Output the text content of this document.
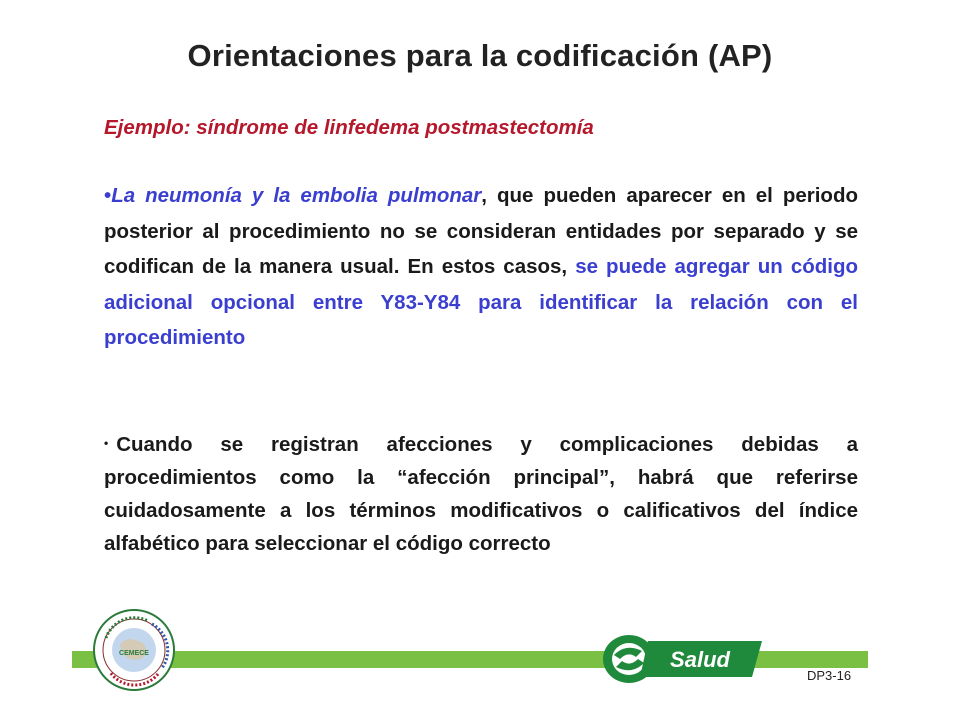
Orientaciones para la codificación (AP)
Ejemplo: síndrome de linfedema postmastectomía
•La neumonía y la embolia pulmonar, que pueden aparecer en el periodo posterior al procedimiento no se consideran entidades por separado y se codifican de la manera usual. En estos casos, se puede agregar un código adicional opcional entre Y83-Y84 para identificar la relación con el procedimiento
• Cuando se registran afecciones y complicaciones debidas a procedimientos como la “afección principal”, habrá que referirse cuidadosamente a los términos modificativos o calificativos del índice alfabético para seleccionar el código correcto
CEMECE	Salud
DP3-16
